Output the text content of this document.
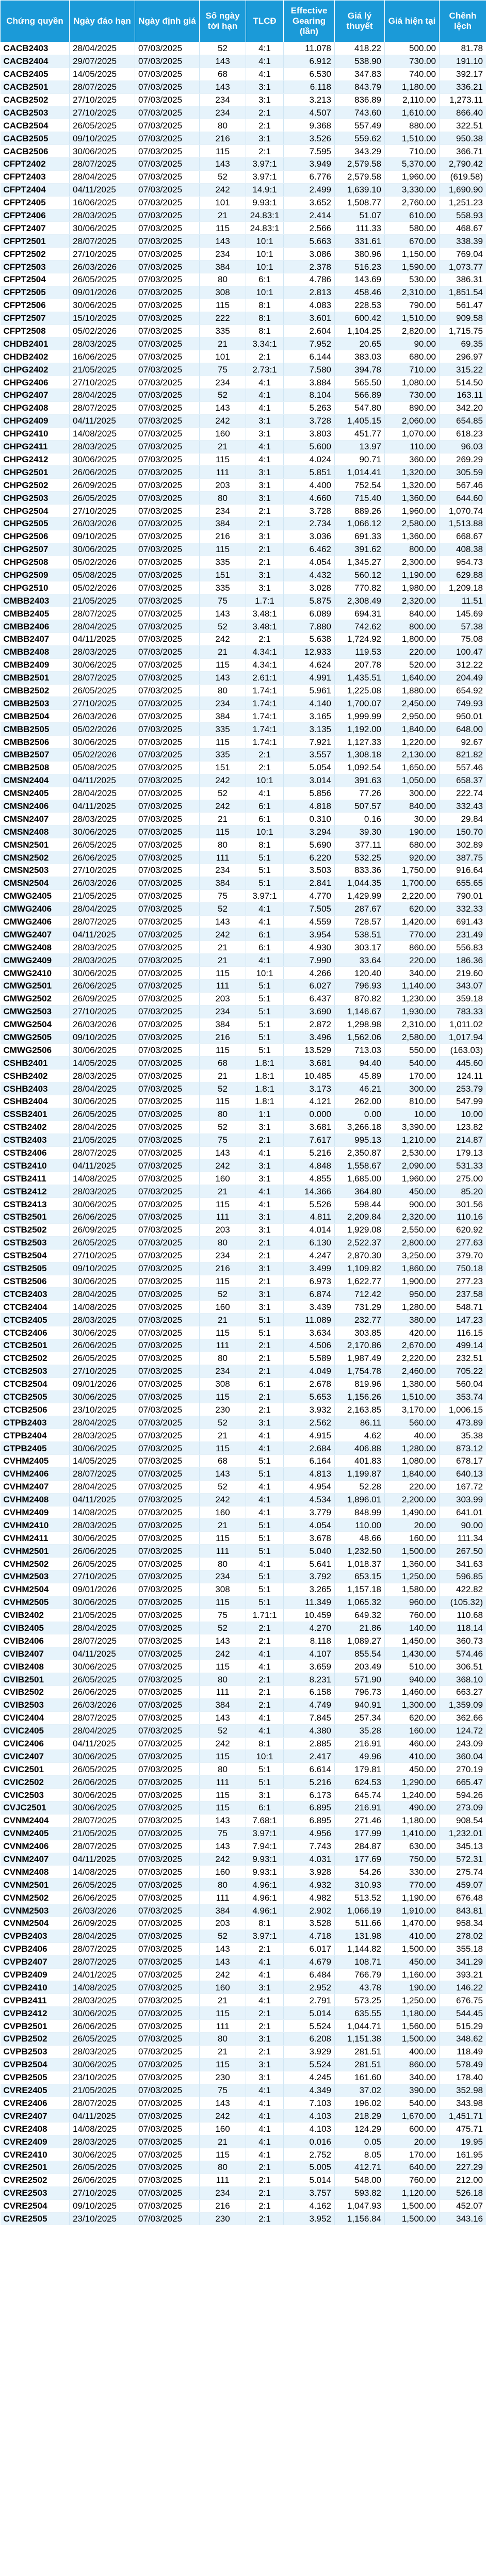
Chứng quyền	Ngày đáo hạn	Ngày định giá	Số ngày tới hạn	TLCĐ	Effective Gearing (lần)	Giá lý thuyết	Giá hiện tại	Chênh lệch
CACB2403	28/04/2025	07/03/2025	52	4:1	11.078	418.22	500.00	81.78
CACB2404	29/07/2025	07/03/2025	143	4:1	6.912	538.90	730.00	191.10
CACB2405	14/05/2025	07/03/2025	68	4:1	6.530	347.83	740.00	392.17
CACB2501	28/07/2025	07/03/2025	143	3:1	6.118	843.79	1,180.00	336.21
CACB2502	27/10/2025	07/03/2025	234	3:1	3.213	836.89	2,110.00	1,273.11
CACB2503	27/10/2025	07/03/2025	234	2:1	4.507	743.60	1,610.00	866.40
CACB2504	26/05/2025	07/03/2025	80	2:1	9.368	557.49	880.00	322.51
CACB2505	09/10/2025	07/03/2025	216	3:1	3.526	559.62	1,510.00	950.38
CACB2506	30/06/2025	07/03/2025	115	2:1	7.595	343.29	710.00	366.71
CFPT2402	28/07/2025	07/03/2025	143	3.97:1	3.949	2,579.58	5,370.00	2,790.42
CFPT2403	28/04/2025	07/03/2025	52	3.97:1	6.776	2,579.58	1,960.00	(619.58)
CFPT2404	04/11/2025	07/03/2025	242	14.9:1	2.499	1,639.10	3,330.00	1,690.90
CFPT2405	16/06/2025	07/03/2025	101	9.93:1	3.652	1,508.77	2,760.00	1,251.23
CFPT2406	28/03/2025	07/03/2025	21	24.83:1	2.414	51.07	610.00	558.93
CFPT2407	30/06/2025	07/03/2025	115	24.83:1	2.566	111.33	580.00	468.67
CFPT2501	28/07/2025	07/03/2025	143	10:1	5.663	331.61	670.00	338.39
CFPT2502	27/10/2025	07/03/2025	234	10:1	3.086	380.96	1,150.00	769.04
CFPT2503	26/03/2026	07/03/2025	384	10:1	2.378	516.23	1,590.00	1,073.77
CFPT2504	26/05/2025	07/03/2025	80	6:1	4.786	143.69	530.00	386.31
CFPT2505	09/01/2026	07/03/2025	308	10:1	2.813	458.46	2,310.00	1,851.54
CFPT2506	30/06/2025	07/03/2025	115	8:1	4.083	228.53	790.00	561.47
CFPT2507	15/10/2025	07/03/2025	222	8:1	3.601	600.42	1,510.00	909.58
CFPT2508	05/02/2026	07/03/2025	335	8:1	2.604	1,104.25	2,820.00	1,715.75
CHDB2401	28/03/2025	07/03/2025	21	3.34:1	7.952	20.65	90.00	69.35
CHDB2402	16/06/2025	07/03/2025	101	2:1	6.144	383.03	680.00	296.97
CHPG2402	21/05/2025	07/03/2025	75	2.73:1	7.580	394.78	710.00	315.22
CHPG2406	27/10/2025	07/03/2025	234	4:1	3.884	565.50	1,080.00	514.50
CHPG2407	28/04/2025	07/03/2025	52	4:1	8.104	566.89	730.00	163.11
CHPG2408	28/07/2025	07/03/2025	143	4:1	5.263	547.80	890.00	342.20
CHPG2409	04/11/2025	07/03/2025	242	3:1	3.728	1,405.15	2,060.00	654.85
CHPG2410	14/08/2025	07/03/2025	160	3:1	3.803	451.77	1,070.00	618.23
CHPG2411	28/03/2025	07/03/2025	21	4:1	5.600	13.97	110.00	96.03
CHPG2412	30/06/2025	07/03/2025	115	4:1	4.024	90.71	360.00	269.29
CHPG2501	26/06/2025	07/03/2025	111	3:1	5.851	1,014.41	1,320.00	305.59
CHPG2502	26/09/2025	07/03/2025	203	3:1	4.400	752.54	1,320.00	567.46
CHPG2503	26/05/2025	07/03/2025	80	3:1	4.660	715.40	1,360.00	644.60
CHPG2504	27/10/2025	07/03/2025	234	2:1	3.728	889.26	1,960.00	1,070.74
CHPG2505	26/03/2026	07/03/2025	384	2:1	2.734	1,066.12	2,580.00	1,513.88
CHPG2506	09/10/2025	07/03/2025	216	3:1	3.036	691.33	1,360.00	668.67
CHPG2507	30/06/2025	07/03/2025	115	2:1	6.462	391.62	800.00	408.38
CHPG2508	05/02/2026	07/03/2025	335	2:1	4.054	1,345.27	2,300.00	954.73
CHPG2509	05/08/2025	07/03/2025	151	3:1	4.432	560.12	1,190.00	629.88
CHPG2510	05/02/2026	07/03/2025	335	3:1	3.028	770.82	1,980.00	1,209.18
CMBB2403	21/05/2025	07/03/2025	75	1.7:1	5.875	2,308.49	2,320.00	11.51
CMBB2405	28/07/2025	07/03/2025	143	3.48:1	6.089	694.31	840.00	145.69
CMBB2406	28/04/2025	07/03/2025	52	3.48:1	7.880	742.62	800.00	57.38
CMBB2407	04/11/2025	07/03/2025	242	2:1	5.638	1,724.92	1,800.00	75.08
CMBB2408	28/03/2025	07/03/2025	21	4.34:1	12.933	119.53	220.00	100.47
CMBB2409	30/06/2025	07/03/2025	115	4.34:1	4.624	207.78	520.00	312.22
CMBB2501	28/07/2025	07/03/2025	143	2.61:1	4.991	1,435.51	1,640.00	204.49
CMBB2502	26/05/2025	07/03/2025	80	1.74:1	5.961	1,225.08	1,880.00	654.92
CMBB2503	27/10/2025	07/03/2025	234	1.74:1	4.140	1,700.07	2,450.00	749.93
CMBB2504	26/03/2026	07/03/2025	384	1.74:1	3.165	1,999.99	2,950.00	950.01
CMBB2505	05/02/2026	07/03/2025	335	1.74:1	3.135	1,192.00	1,840.00	648.00
CMBB2506	30/06/2025	07/03/2025	115	1.74:1	7.921	1,127.33	1,220.00	92.67
CMBB2507	05/02/2026	07/03/2025	335	2:1	3.557	1,308.18	2,130.00	821.82
CMBB2508	05/08/2025	07/03/2025	151	2:1	5.054	1,092.54	1,650.00	557.46
CMSN2404	04/11/2025	07/03/2025	242	10:1	3.014	391.63	1,050.00	658.37
CMSN2405	28/04/2025	07/03/2025	52	4:1	5.856	77.26	300.00	222.74
CMSN2406	04/11/2025	07/03/2025	242	6:1	4.818	507.57	840.00	332.43
CMSN2407	28/03/2025	07/03/2025	21	6:1	0.310	0.16	30.00	29.84
CMSN2408	30/06/2025	07/03/2025	115	10:1	3.294	39.30	190.00	150.70
CMSN2501	26/05/2025	07/03/2025	80	8:1	5.690	377.11	680.00	302.89
CMSN2502	26/06/2025	07/03/2025	111	5:1	6.220	532.25	920.00	387.75
CMSN2503	27/10/2025	07/03/2025	234	5:1	3.503	833.36	1,750.00	916.64
CMSN2504	26/03/2026	07/03/2025	384	5:1	2.841	1,044.35	1,700.00	655.65
CMWG2405	21/05/2025	07/03/2025	75	3.97:1	4.770	1,429.99	2,220.00	790.01
CMWG2406	28/04/2025	07/03/2025	52	4:1	7.505	287.67	620.00	332.33
CMWG2406	28/07/2025	07/03/2025	143	4:1	4.559	728.57	1,420.00	691.43
CMWG2407	04/11/2025	07/03/2025	242	6:1	3.954	538.51	770.00	231.49
CMWG2408	28/03/2025	07/03/2025	21	6:1	4.930	303.17	860.00	556.83
CMWG2409	28/03/2025	07/03/2025	21	4:1	7.990	33.64	220.00	186.36
CMWG2410	30/06/2025	07/03/2025	115	10:1	4.266	120.40	340.00	219.60
CMWG2501	26/06/2025	07/03/2025	111	5:1	6.027	796.93	1,140.00	343.07
CMWG2502	26/09/2025	07/03/2025	203	5:1	6.437	870.82	1,230.00	359.18
CMWG2503	27/10/2025	07/03/2025	234	5:1	3.690	1,146.67	1,930.00	783.33
CMWG2504	26/03/2026	07/03/2025	384	5:1	2.872	1,298.98	2,310.00	1,011.02
CMWG2505	09/10/2025	07/03/2025	216	5:1	3.496	1,562.06	2,580.00	1,017.94
CMWG2506	30/06/2025	07/03/2025	115	5:1	13.529	713.03	550.00	(163.03)
CSHB2401	14/05/2025	07/03/2025	68	1.8:1	3.681	94.40	540.00	445.60
CSHB2402	28/03/2025	07/03/2025	21	1.8:1	10.485	45.89	170.00	124.11
CSHB2403	28/04/2025	07/03/2025	52	1.8:1	3.173	46.21	300.00	253.79
CSHB2404	30/06/2025	07/03/2025	115	1.8:1	4.121	262.00	810.00	547.99
CSSB2401	26/05/2025	07/03/2025	80	1:1	0.000	0.00	10.00	10.00
CSTB2402	28/04/2025	07/03/2025	52	3:1	3.681	3,266.18	3,390.00	123.82
CSTB2403	21/05/2025	07/03/2025	75	2:1	7.617	995.13	1,210.00	214.87
CSTB2406	28/07/2025	07/03/2025	143	4:1	5.216	2,350.87	2,530.00	179.13
CSTB2410	04/11/2025	07/03/2025	242	3:1	4.848	1,558.67	2,090.00	531.33
CSTB2411	14/08/2025	07/03/2025	160	3:1	4.855	1,685.00	1,960.00	275.00
CSTB2412	28/03/2025	07/03/2025	21	4:1	14.366	364.80	450.00	85.20
CSTB2413	30/06/2025	07/03/2025	115	4:1	5.526	598.44	900.00	301.56
CSTB2501	26/06/2025	07/03/2025	111	3:1	4.811	2,209.84	2,320.00	110.16
CSTB2502	26/09/2025	07/03/2025	203	3:1	4.014	1,929.08	2,550.00	620.92
CSTB2503	26/05/2025	07/03/2025	80	2:1	6.130	2,522.37	2,800.00	277.63
CSTB2504	27/10/2025	07/03/2025	234	2:1	4.247	2,870.30	3,250.00	379.70
CSTB2505	09/10/2025	07/03/2025	216	3:1	3.499	1,109.82	1,860.00	750.18
CSTB2506	30/06/2025	07/03/2025	115	2:1	6.973	1,622.77	1,900.00	277.23
CTCB2403	28/04/2025	07/03/2025	52	3:1	6.874	712.42	950.00	237.58
CTCB2404	14/08/2025	07/03/2025	160	3:1	3.439	731.29	1,280.00	548.71
CTCB2405	28/03/2025	07/03/2025	21	5:1	11.089	232.77	380.00	147.23
CTCB2406	30/06/2025	07/03/2025	115	5:1	3.634	303.85	420.00	116.15
CTCB2501	26/06/2025	07/03/2025	111	2:1	4.506	2,170.86	2,670.00	499.14
CTCB2502	26/05/2025	07/03/2025	80	2:1	5.589	1,987.49	2,220.00	232.51
CTCB2503	27/10/2025	07/03/2025	234	2:1	4.049	1,754.78	2,460.00	705.22
CTCB2504	09/01/2026	07/03/2025	308	6:1	2.678	819.96	1,380.00	560.04
CTCB2505	30/06/2025	07/03/2025	115	2:1	5.653	1,156.26	1,510.00	353.74
CTCB2506	23/10/2025	07/03/2025	230	2:1	3.932	2,163.85	3,170.00	1,006.15
CTPB2403	28/04/2025	07/03/2025	52	3:1	2.562	86.11	560.00	473.89
CTPB2404	28/03/2025	07/03/2025	21	4:1	4.915	4.62	40.00	35.38
CTPB2405	30/06/2025	07/03/2025	115	4:1	2.684	406.88	1,280.00	873.12
CVHM2405	14/05/2025	07/03/2025	68	5:1	6.164	401.83	1,080.00	678.17
CVHM2406	28/07/2025	07/03/2025	143	5:1	4.813	1,199.87	1,840.00	640.13
CVHM2407	28/04/2025	07/03/2025	52	4:1	4.954	52.28	220.00	167.72
CVHM2408	04/11/2025	07/03/2025	242	4:1	4.534	1,896.01	2,200.00	303.99
CVHM2409	14/08/2025	07/03/2025	160	4:1	3.779	848.99	1,490.00	641.01
CVHM2410	28/03/2025	07/03/2025	21	5:1	4.054	110.00	20.00	90.00
CVHM2411	30/06/2025	07/03/2025	115	5:1	3.678	48.66	160.00	111.34
CVHM2501	26/06/2025	07/03/2025	111	5:1	5.040	1,232.50	1,500.00	267.50
CVHM2502	26/05/2025	07/03/2025	80	4:1	5.641	1,018.37	1,360.00	341.63
CVHM2503	27/10/2025	07/03/2025	234	5:1	3.792	653.15	1,250.00	596.85
CVHM2504	09/01/2026	07/03/2025	308	5:1	3.265	1,157.18	1,580.00	422.82
CVHM2505	30/06/2025	07/03/2025	115	5:1	11.349	1,065.32	960.00	(105.32)
CVIB2402	21/05/2025	07/03/2025	75	1.71:1	10.459	649.32	760.00	110.68
CVIB2405	28/04/2025	07/03/2025	52	2:1	4.270	21.86	140.00	118.14
CVIB2406	28/07/2025	07/03/2025	143	2:1	8.118	1,089.27	1,450.00	360.73
CVIB2407	04/11/2025	07/03/2025	242	4:1	4.107	855.54	1,430.00	574.46
CVIB2408	30/06/2025	07/03/2025	115	4:1	3.659	203.49	510.00	306.51
CVIB2501	26/05/2025	07/03/2025	80	2:1	8.231	571.90	940.00	368.10
CVIB2502	26/06/2025	07/03/2025	111	2:1	6.158	796.73	1,460.00	663.27
CVIB2503	26/03/2026	07/03/2025	384	2:1	4.749	940.91	1,300.00	1,359.09
CVIC2404	28/07/2025	07/03/2025	143	4:1	7.845	257.34	620.00	362.66
CVIC2405	28/04/2025	07/03/2025	52	4:1	4.380	35.28	160.00	124.72
CVIC2406	04/11/2025	07/03/2025	242	8:1	2.885	216.91	460.00	243.09
CVIC2407	30/06/2025	07/03/2025	115	10:1	2.417	49.96	410.00	360.04
CVIC2501	26/05/2025	07/03/2025	80	5:1	6.614	179.81	450.00	270.19
CVIC2502	26/06/2025	07/03/2025	111	5:1	5.216	624.53	1,290.00	665.47
CVIC2503	30/06/2025	07/03/2025	115	3:1	6.173	645.74	1,240.00	594.26
CVJC2501	30/06/2025	07/03/2025	115	6:1	6.895	216.91	490.00	273.09
CVNM2404	28/07/2025	07/03/2025	143	7.68:1	6.895	271.46	1,180.00	908.54
CVNM2405	21/05/2025	07/03/2025	75	3.97:1	4.956	177.99	1,410.00	1,232.01
CVNM2406	28/07/2025	07/03/2025	143	7.94:1	7.743	284.87	630.00	345.13
CVNM2407	04/11/2025	07/03/2025	242	9.93:1	4.031	177.69	750.00	572.31
CVNM2408	14/08/2025	07/03/2025	160	9.93:1	3.928	54.26	330.00	275.74
CVNM2501	26/05/2025	07/03/2025	80	4.96:1	4.932	310.93	770.00	459.07
CVNM2502	26/06/2025	07/03/2025	111	4.96:1	4.982	513.52	1,190.00	676.48
CVNM2503	26/03/2026	07/03/2025	384	4.96:1	2.902	1,066.19	1,910.00	843.81
CVNM2504	26/09/2025	07/03/2025	203	8:1	3.528	511.66	1,470.00	958.34
CVPB2403	28/04/2025	07/03/2025	52	3.97:1	4.718	131.98	410.00	278.02
CVPB2406	28/07/2025	07/03/2025	143	2:1	6.017	1,144.82	1,500.00	355.18
CVPB2407	28/07/2025	07/03/2025	143	4:1	4.679	108.71	450.00	341.29
CVPB2409	24/01/2025	07/03/2025	242	4:1	6.484	766.79	1,160.00	393.21
CVPB2410	14/08/2025	07/03/2025	160	3:1	2.952	43.78	190.00	146.22
CVPB2411	28/03/2025	07/03/2025	21	4:1	2.791	573.25	1,250.00	676.75
CVPB2412	30/06/2025	07/03/2025	115	2:1	5.014	635.55	1,180.00	544.45
CVPB2501	26/06/2025	07/03/2025	111	2:1	5.524	1,044.71	1,560.00	515.29
CVPB2502	26/05/2025	07/03/2025	80	3:1	6.208	1,151.38	1,500.00	348.62
CVPB2503	28/03/2025	07/03/2025	21	2:1	3.929	281.51	400.00	118.49
CVPB2504	30/06/2025	07/03/2025	115	3:1	5.524	281.51	860.00	578.49
CVPB2505	23/10/2025	07/03/2025	230	3:1	4.245	161.60	340.00	178.40
CVRE2405	21/05/2025	07/03/2025	75	4:1	4.349	37.02	390.00	352.98
CVRE2406	28/07/2025	07/03/2025	143	4:1	7.103	196.02	540.00	343.98
CVRE2407	04/11/2025	07/03/2025	242	4:1	4.103	218.29	1,670.00	1,451.71
CVRE2408	14/08/2025	07/03/2025	160	4:1	4.103	124.29	600.00	475.71
CVRE2409	28/03/2025	07/03/2025	21	4:1	0.016	0.05	20.00	19.95
CVRE2410	30/06/2025	07/03/2025	115	4:1	2.752	8.05	170.00	161.95
CVRE2501	26/05/2025	07/03/2025	80	2:1	5.005	412.71	640.00	227.29
CVRE2502	26/06/2025	07/03/2025	111	2:1	5.014	548.00	760.00	212.00
CVRE2503	27/10/2025	07/03/2025	234	2:1	3.757	593.82	1,120.00	526.18
CVRE2504	09/10/2025	07/03/2025	216	2:1	4.162	1,047.93	1,500.00	452.07
CVRE2505	23/10/2025	07/03/2025	230	2:1	3.952	1,156.84	1,500.00	343.16
